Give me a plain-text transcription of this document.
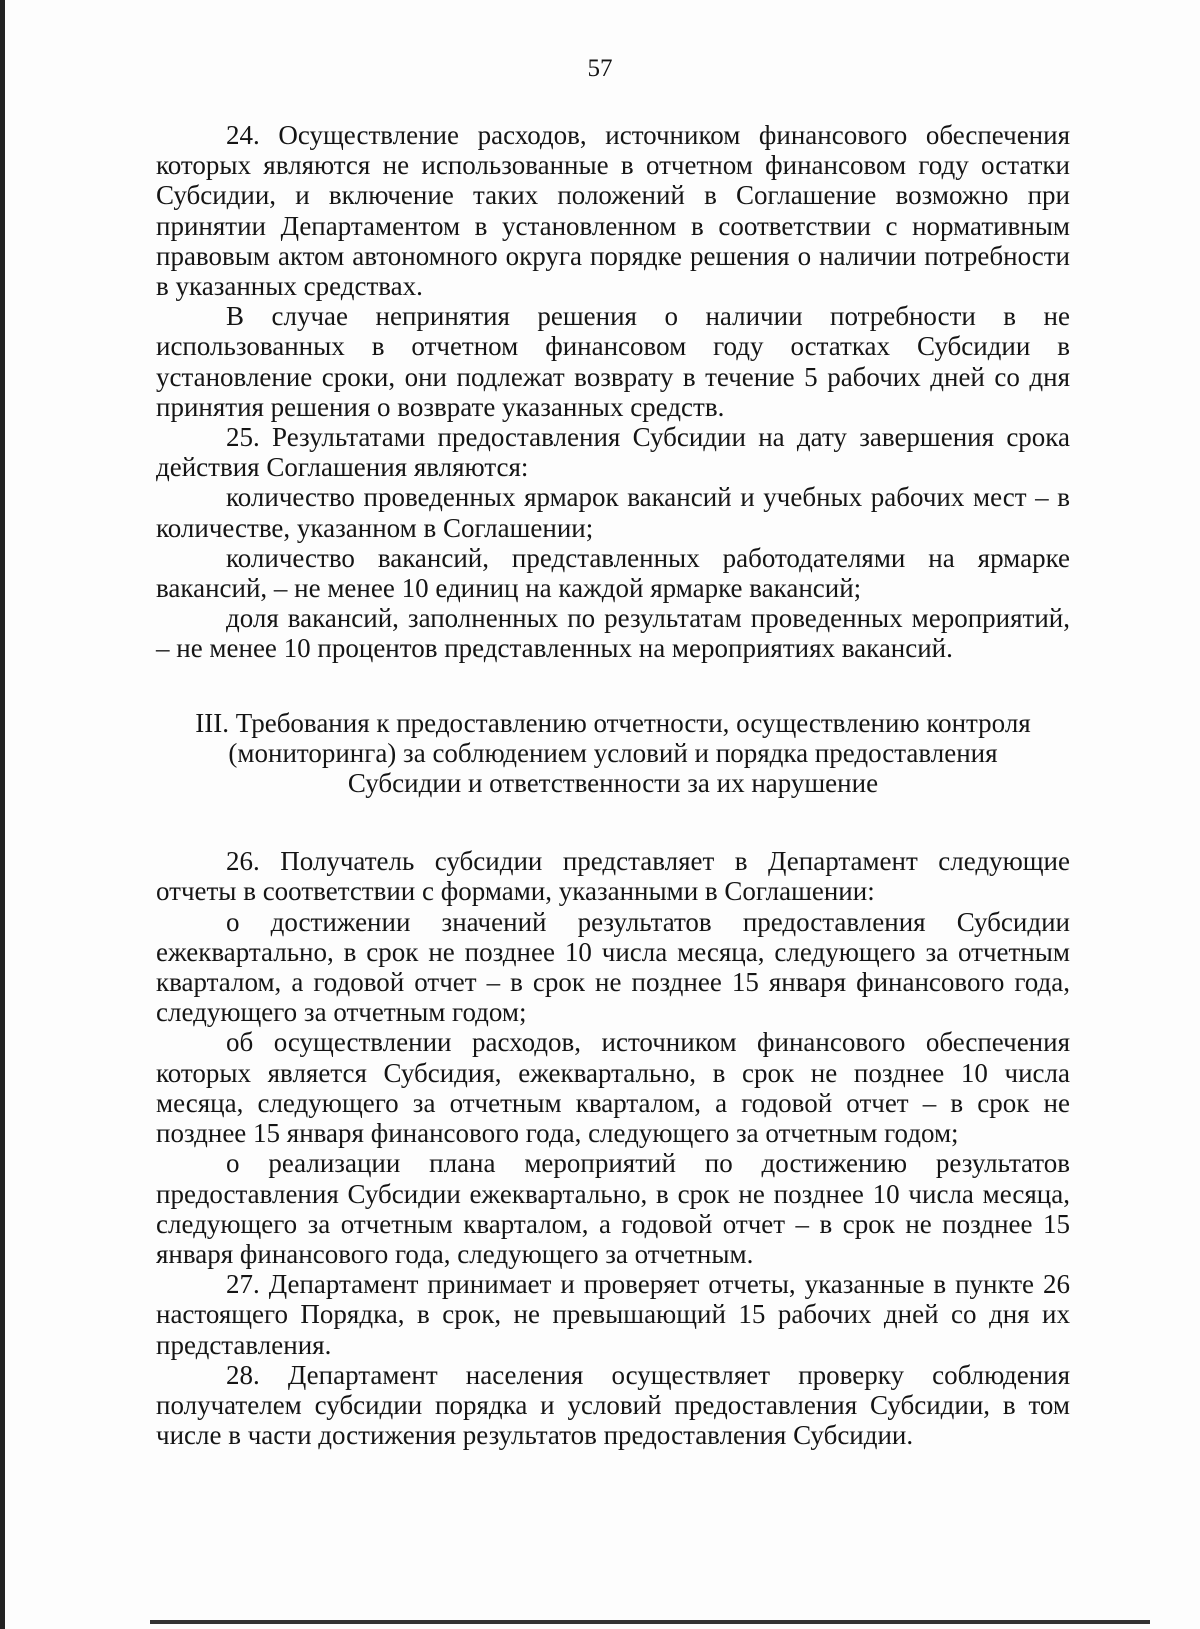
57

24. Осуществление расходов, источником финансового обеспечения которых являются не использованные в отчетном финансовом году остатки Субсидии, и включение таких положений в Соглашение возможно при принятии Департаментом в установленном в соответствии с нормативным правовым актом автономного округа порядке решения о наличии потребности в указанных средствах.

В случае непринятия решения о наличии потребности в не использованных в отчетном финансовом году остатках Субсидии в установление сроки, они подлежат возврату в течение 5 рабочих дней со дня принятия решения о возврате указанных средств.

25. Результатами предоставления Субсидии на дату завершения срока действия Соглашения являются:

количество проведенных ярмарок вакансий и учебных рабочих мест – в количестве, указанном в Соглашении;

количество вакансий, представленных работодателями на ярмарке вакансий, – не менее 10 единиц на каждой ярмарке вакансий;

доля вакансий, заполненных по результатам проведенных мероприятий, – не менее 10 процентов представленных на мероприятиях вакансий.

III. Требования к предоставлению отчетности, осуществлению контроля
(мониторинга) за соблюдением условий и порядка предоставления
Субсидии и ответственности за их нарушение

26. Получатель субсидии представляет в Департамент следующие отчеты в соответствии с формами, указанными в Соглашении:

о достижении значений результатов предоставления Субсидии ежеквартально, в срок не позднее 10 числа месяца, следующего за отчетным кварталом, а годовой отчет – в срок не позднее 15 января финансового года, следующего за отчетным годом;

об осуществлении расходов, источником финансового обеспечения которых является Субсидия, ежеквартально, в срок не позднее 10 числа месяца, следующего за отчетным кварталом, а годовой отчет – в срок не позднее 15 января финансового года, следующего за отчетным годом;

о реализации плана мероприятий по достижению результатов предоставления Субсидии ежеквартально, в срок не позднее 10 числа месяца, следующего за отчетным кварталом, а годовой отчет – в срок не позднее 15 января финансового года, следующего за отчетным.

27. Департамент принимает и проверяет отчеты, указанные в пункте 26 настоящего Порядка, в срок, не превышающий 15 рабочих дней со дня их представления.

28. Департамент населения осуществляет проверку соблюдения получателем субсидии порядка и условий предоставления Субсидии, в том числе в части достижения результатов предоставления Субсидии.
